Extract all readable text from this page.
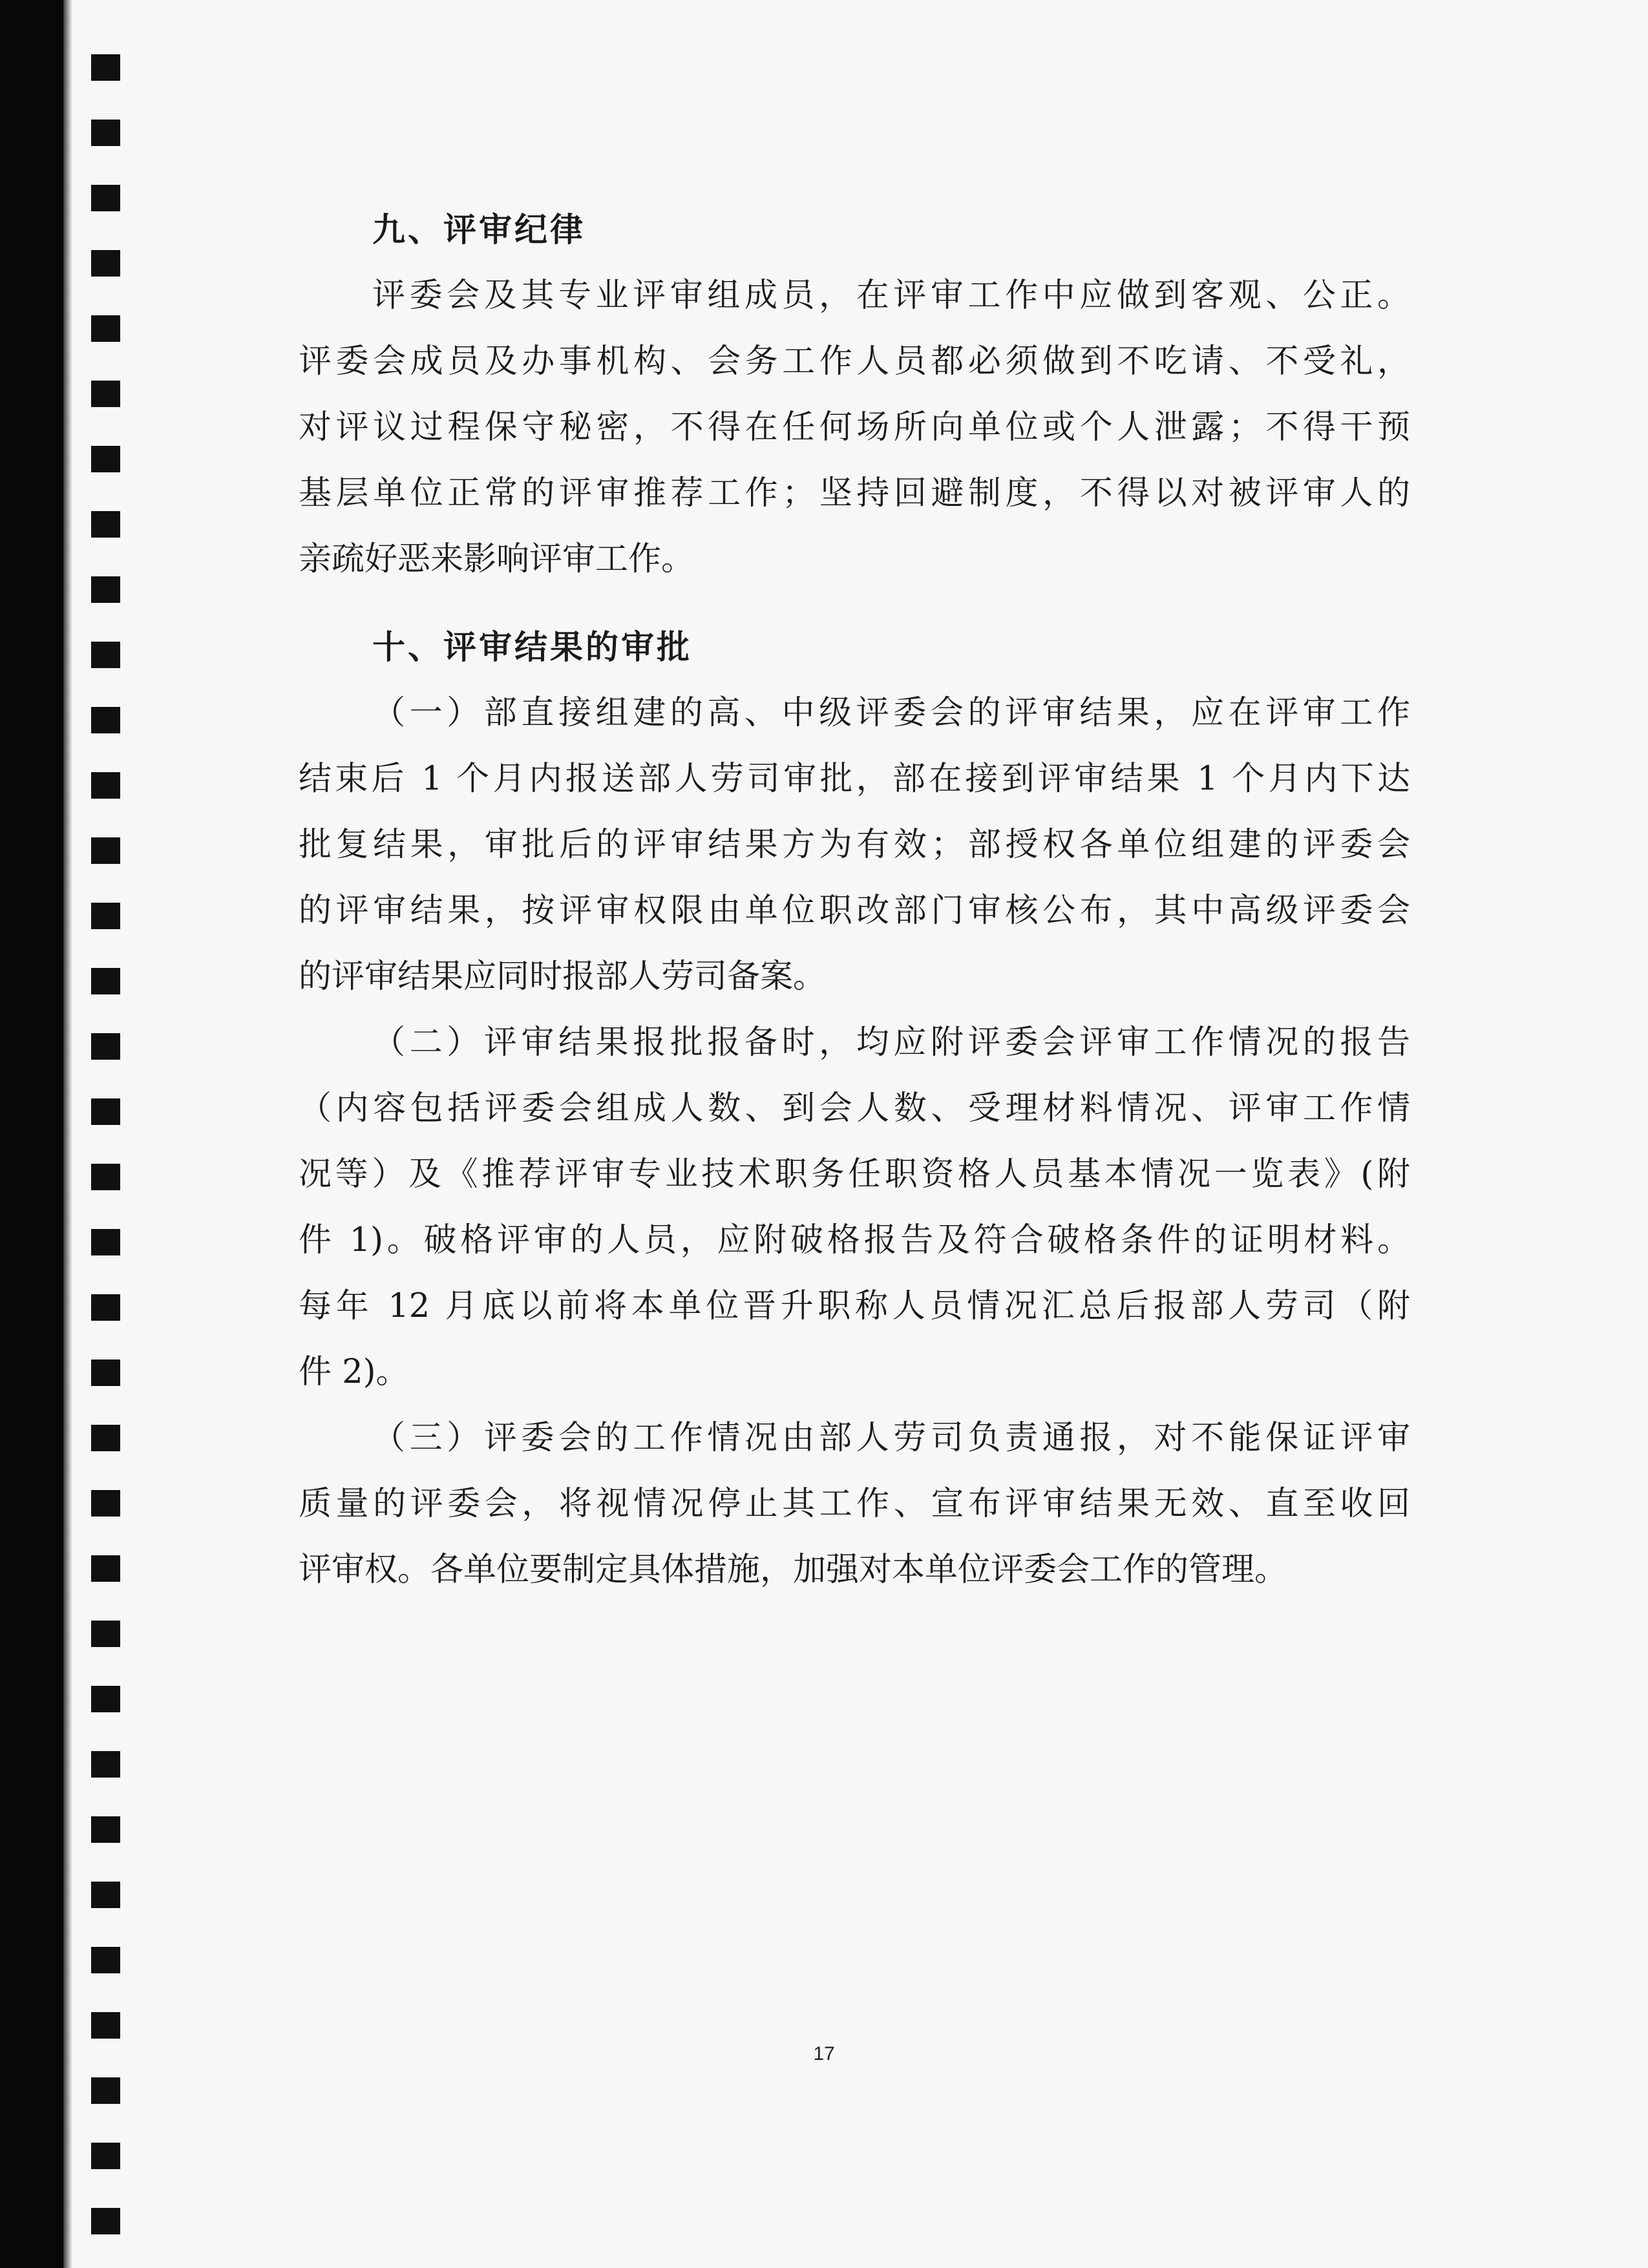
九、评审纪律

评委会及其专业评审组成员，在评审工作中应做到客观、公正。

评委会成员及办事机构、会务工作人员都必须做到不吃请、不受礼，

对评议过程保守秘密，不得在任何场所向单位或个人泄露；不得干预

基层单位正常的评审推荐工作；坚持回避制度，不得以对被评审人的

亲疏好恶来影响评审工作。

十、评审结果的审批

（一）部直接组建的高、中级评委会的评审结果，应在评审工作

结束后 1 个月内报送部人劳司审批，部在接到评审结果 1 个月内下达

批复结果，审批后的评审结果方为有效；部授权各单位组建的评委会

的评审结果，按评审权限由单位职改部门审核公布，其中高级评委会

的评审结果应同时报部人劳司备案。

（二）评审结果报批报备时，均应附评委会评审工作情况的报告

（内容包括评委会组成人数、到会人数、受理材料情况、评审工作情

况等）及《推荐评审专业技术职务任职资格人员基本情况一览表》(附

件 1)。破格评审的人员，应附破格报告及符合破格条件的证明材料。

每年 12 月底以前将本单位晋升职称人员情况汇总后报部人劳司（附

件 2)。

（三）评委会的工作情况由部人劳司负责通报，对不能保证评审

质量的评委会，将视情况停止其工作、宣布评审结果无效、直至收回

评审权。各单位要制定具体措施，加强对本单位评委会工作的管理。

17
